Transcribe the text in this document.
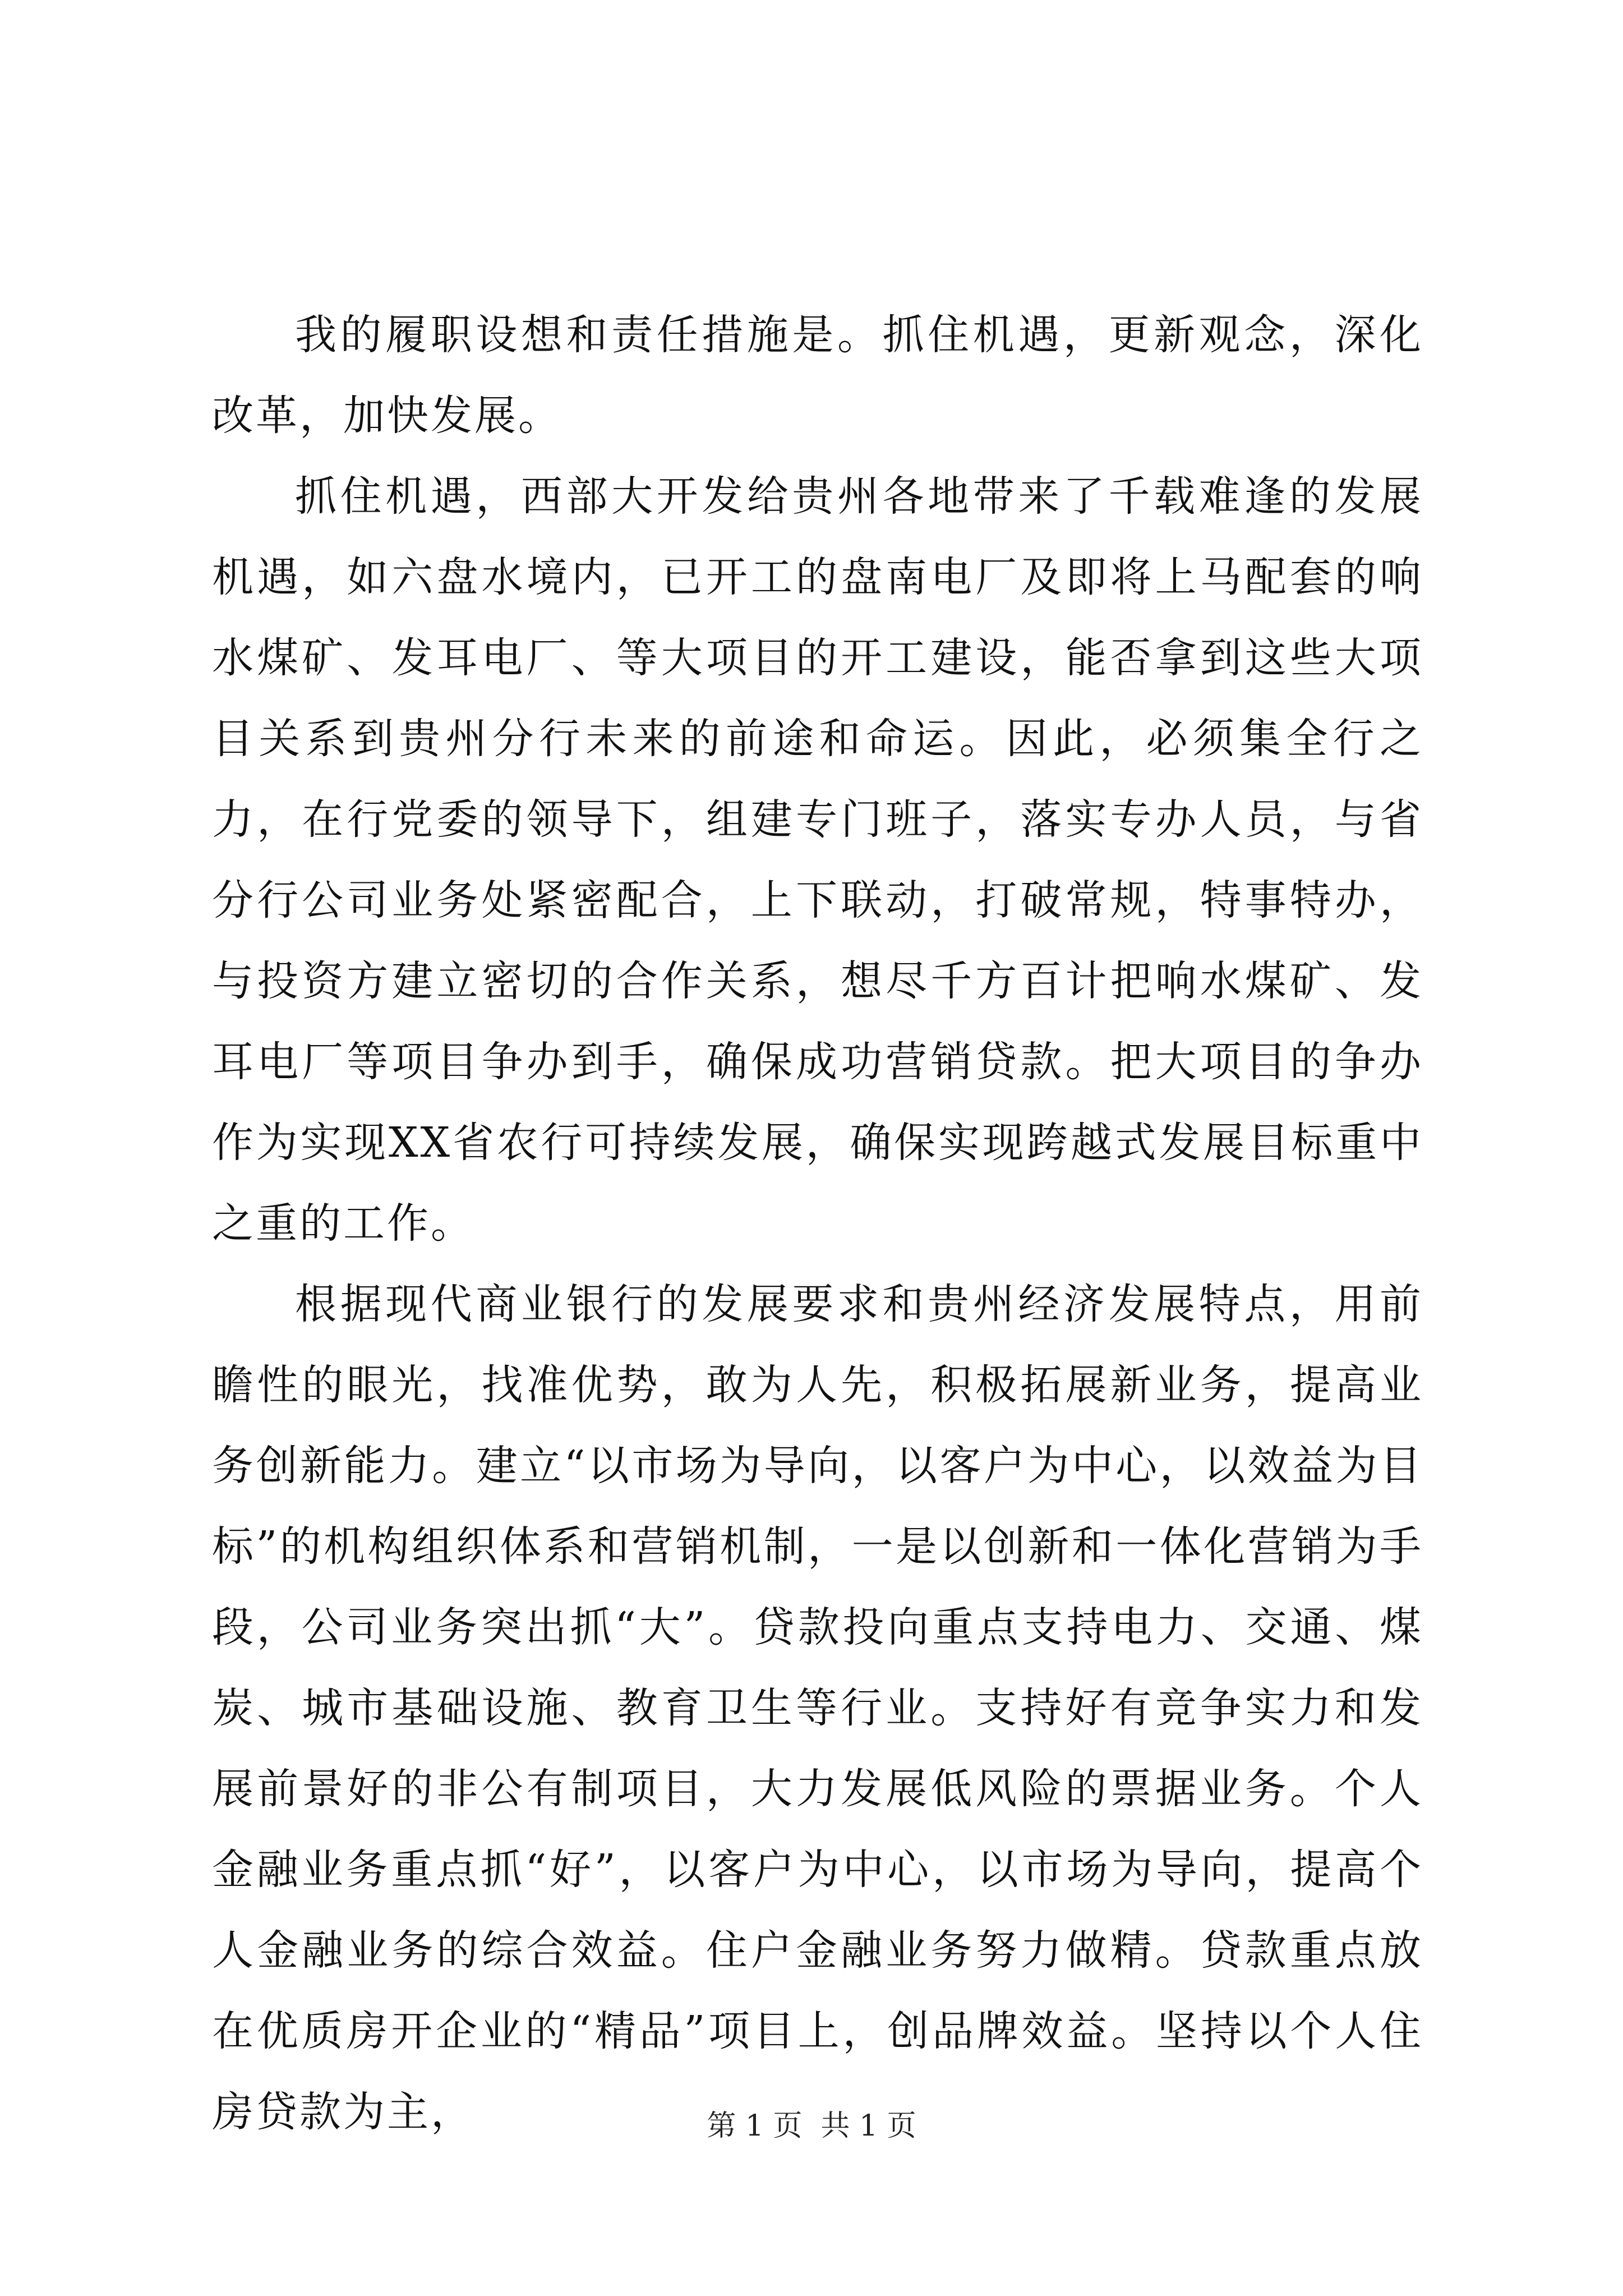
我的履职设想和责任措施是。抓住机遇，更新观念，深化改革，加快发展。

抓住机遇，西部大开发给贵州各地带来了千载难逢的发展机遇，如六盘水境内，已开工的盘南电厂及即将上马配套的响水煤矿、发耳电厂、等大项目的开工建设，能否拿到这些大项目关系到贵州分行未来的前途和命运。因此，必须集全行之力，在行党委的领导下，组建专门班子，落实专办人员，与省分行公司业务处紧密配合，上下联动，打破常规，特事特办，与投资方建立密切的合作关系，想尽千方百计把响水煤矿、发耳电厂等项目争办到手，确保成功营销贷款。把大项目的争办作为实现XX省农行可持续发展，确保实现跨越式发展目标重中之重的工作。

根据现代商业银行的发展要求和贵州经济发展特点，用前瞻性的眼光，找准优势，敢为人先，积极拓展新业务，提高业务创新能力。建立“以市场为导向，以客户为中心，以效益为目标”的机构组织体系和营销机制，一是以创新和一体化营销为手段，公司业务突出抓“大”。贷款投向重点支持电力、交通、煤炭、城市基础设施、教育卫生等行业。支持好有竞争实力和发展前景好的非公有制项目，大力发展低风险的票据业务。个人金融业务重点抓“好”，以客户为中心，以市场为导向，提高个人金融业务的综合效益。住户金融业务努力做精。贷款重点放在优质房开企业的“精品”项目上，创品牌效益。坚持以个人住房贷款为主，	第 1 页  共 1 页
